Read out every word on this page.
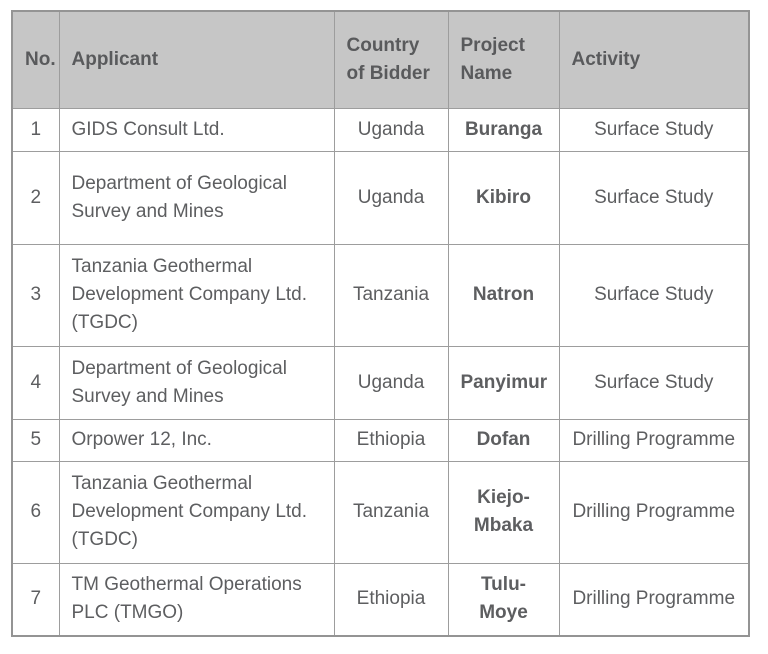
No.	Applicant	Country of Bidder	Project Name	Activity
1	GIDS Consult Ltd.	Uganda	Buranga	Surface Study
2	Department of Geological Survey and Mines	Uganda	Kibiro	Surface Study
3	Tanzania Geothermal Development Company Ltd. (TGDC)	Tanzania	Natron	Surface Study
4	Department of Geological Survey and Mines	Uganda	Panyimur	Surface Study
5	Orpower 12, Inc.	Ethiopia	Dofan	Drilling Programme
6	Tanzania Geothermal Development Company Ltd. (TGDC)	Tanzania	Kiejo-Mbaka	Drilling Programme
7	TM Geothermal Operations PLC (TMGO)	Ethiopia	Tulu-Moye	Drilling Programme
